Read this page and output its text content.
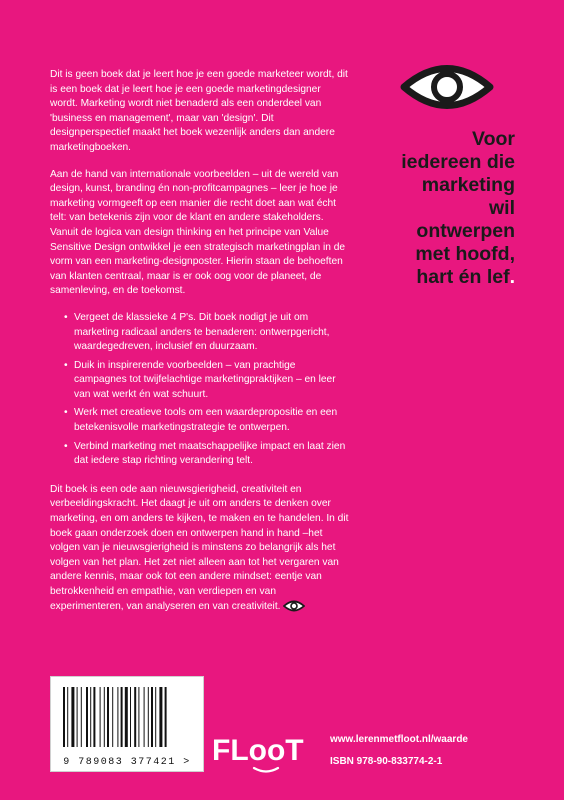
Voor
iedereen die
marketing
wil
ontwerpen
met hoofd,
hart én lef.

Dit is geen boek dat je leert hoe je een goede marketeer wordt, dit is een boek dat je leert hoe je een goede marketingdesigner wordt. Marketing wordt niet benaderd als een onderdeel van 'business en management', maar van 'design'. Dit designperspectief maakt het boek wezenlijk anders dan andere marketingboeken.

Aan de hand van internationale voorbeelden – uit de wereld van design, kunst, branding én non-profitcampagnes – leer je hoe je marketing vormgeeft op een manier die recht doet aan wat écht telt: van betekenis zijn voor de klant en andere stakeholders. Vanuit de logica van design thinking en het principe van Value Sensitive Design ontwikkel je een strategisch marketingplan in de vorm van een marketing-designposter. Hierin staan de behoeften van klanten centraal, maar is er ook oog voor de planeet, de samenleving, en de toekomst.

• Vergeet de klassieke 4 P's. Dit boek nodigt je uit om marketing radicaal anders te benaderen: ontwerpgericht, waardegedreven, inclusief en duurzaam.
• Duik in inspirerende voorbeelden – van prachtige campagnes tot twijfelachtige marketingpraktijken – en leer van wat werkt én wat schuurt.
• Werk met creatieve tools om een waardepropositie en een betekenisvolle marketingstrategie te ontwerpen.
• Verbind marketing met maatschappelijke impact en laat zien dat iedere stap richting verandering telt.

Dit boek is een ode aan nieuwsgierigheid, creativiteit en verbeeldingskracht. Het daagt je uit om anders te denken over marketing, en om anders te kijken, te maken en te handelen. In dit boek gaan onderzoek doen en ontwerpen hand in hand –het volgen van je nieuwsgierigheid is minstens zo belangrijk als het volgen van het plan. Het zet niet alleen aan tot het vergaren van andere kennis, maar ook tot een andere mindset: eentje van betrokkenheid en empathie, van verdiepen en van experimenteren, van analyseren en van creativiteit.

9 789083 377421 > FLooT	www.lerenmetfloot.nl/waarde
ISBN 978-90-833774-2-1
